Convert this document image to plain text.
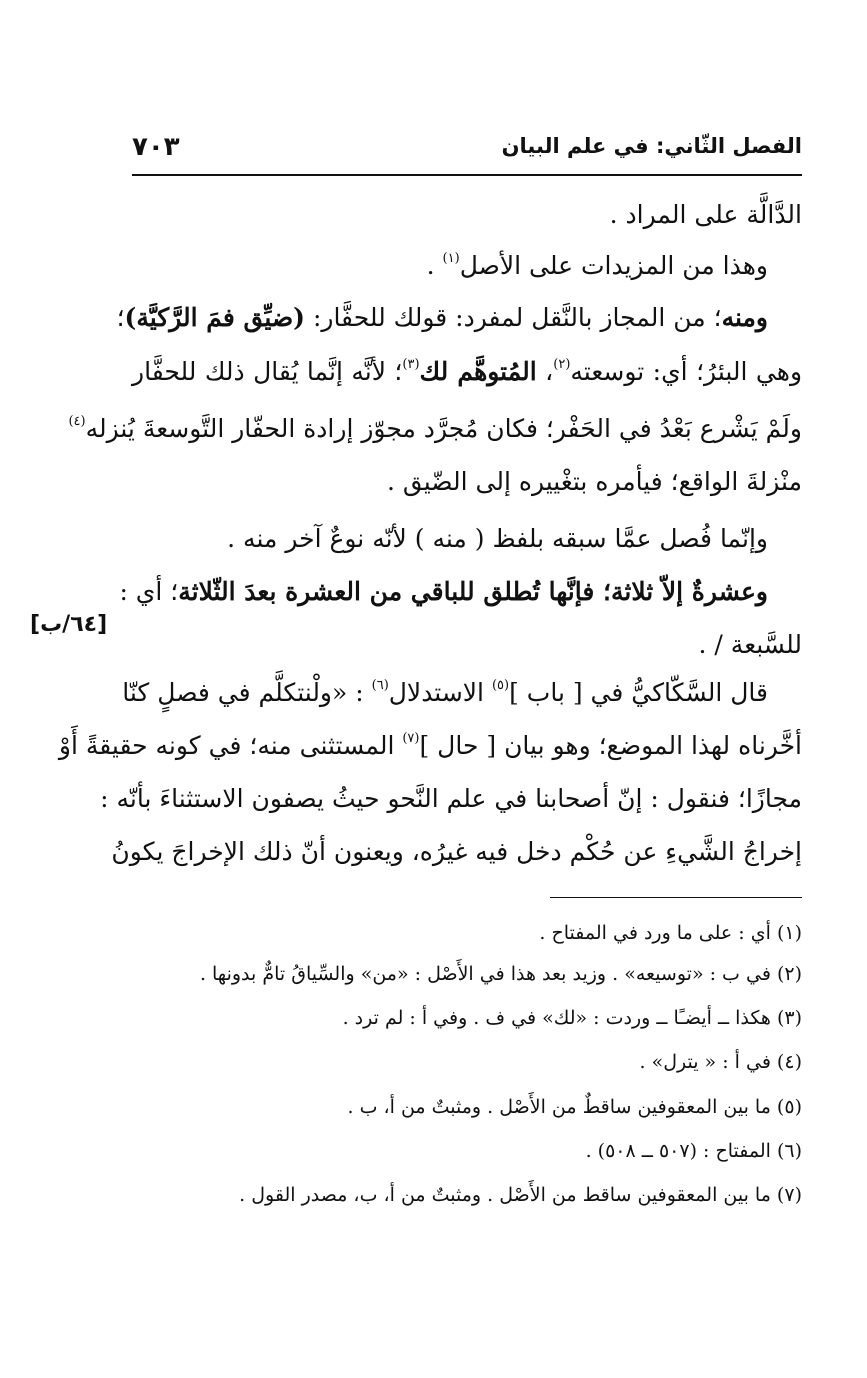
الفصل الثّاني: في علم البيان
٧٠٣
الدَّالَّة على المراد .
وهذا من المزيدات على الأصل$^{(١)}$ .
ومنه؛ من المجاز بالنَّقل لمفرد: قولك للحفَّار: (ضيِّق فمَ الرَّكيَّة)؛
وهي البئرُ؛ أي: توسعته$^{(٢)}$، المُتوهَّم لك$^{(٣)}$؛ لأنَّه إنَّما يُقال ذلك للحفَّار
ولَمْ يَشْرع بَعْدُ في الحَفْر؛ فكان مُجرَّد مجوّز إرادة الحفّار التَّوسعةَ يُنزله$^{(٤)}$
منْزلةَ الواقع؛ فيأمره بتغْييره إلى الضّيق .
وإنّما فُصل عمَّا سبقه بلفظ ( منه ) لأنّه نوعٌ آخر منه .
وعشرةٌ إلاّ ثلاثة؛ فإنَّها تُطلق للباقي من العشرة بعدَ الثّلاثة؛ أي :
للسَّبعة / .
[٦٤/ب]
قال السَّكّاكيُّ في [ باب ]$^{(٥)}$ الاستدلال$^{(٦)}$ : «ولْنتكلَّم في فصلٍ كنّا
أخَّرناه لهذا الموضع؛ وهو بيان [ حال ]$^{(٧)}$ المستثنى منه؛ في كونه حقيقةً أَوْ
مجازًا؛ فنقول : إنّ أصحابنا في علم النَّحو حيثُ يصفون الاستثناءَ بأنّه :
إخراجُ الشَّيءِ عن حُكْم دخل فيه غيرُه، ويعنون أنّ ذلك الإخراجَ يكونُ
(١) أي : على ما ورد في المفتاح .
(٢) في ب : «توسيعه» . وزيد بعد هذا في الأَصْل : «من» والسِّياقُ تامٌّ بدونها .
(٣) هكذا ــ أيضـًا ــ وردت : «لك» في ف . وفي أ : لم ترد .
(٤) في أ : « يترل» .
(٥) ما بين المعقوفين ساقطٌ من الأَصْل . ومثبتٌ من أ، ب .
(٦) المفتاح : (٥٠٧ ــ ٥٠٨) .
(٧) ما بين المعقوفين ساقط من الأَصْل . ومثبتٌ من أ، ب، مصدر القول .
